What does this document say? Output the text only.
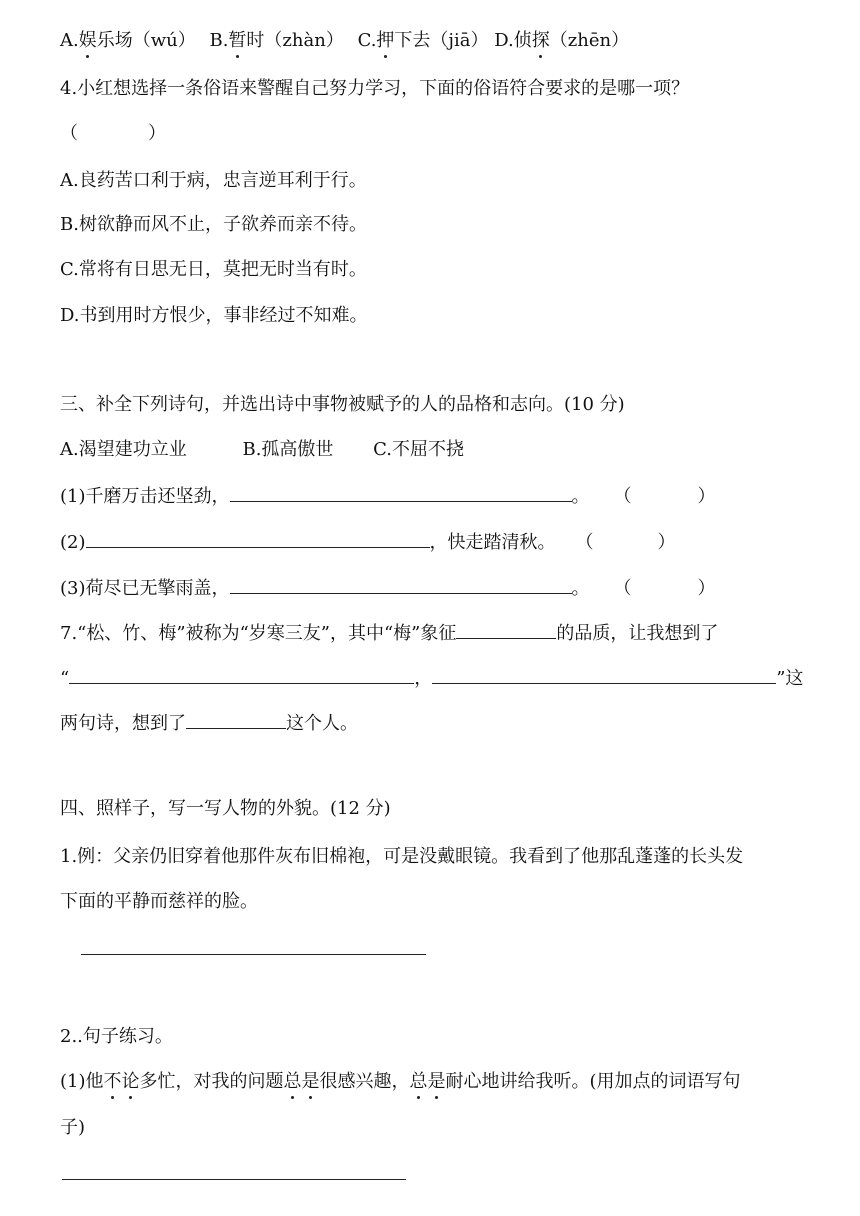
A.娱乐场（wú） B.暂时（zhàn） C.押下去（jiā） D.侦探（zhēn）
4.小红想选择一条俗语来警醒自己努力学习，下面的俗语符合要求的是哪一项？
（	）
A.良药苦口利于病，忠言逆耳利于行。
B.树欲静而风不止，子欲养而亲不待。
C.常将有日思无日，莫把无时当有时。
D.书到用时方恨少，事非经过不知难。
三、补全下列诗句，并选出诗中事物被赋予的人的品格和志向。(10 分)
A.渴望建功立业	B.孤高傲世 C.不屈不挠
(1)千磨万击还坚劲，	。 （	）
(2)	，快走踏清秋。 （	）
(3)荷尽已无擎雨盖，	。 （	）
7.“松、竹、梅”被称为“岁寒三友”，其中“梅”象征	的品质，让我想到了
“	，	”这
两句诗，想到了	这个人。
四、照样子，写一写人物的外貌。(12 分)
1.例：父亲仍旧穿着他那件灰布旧棉袍，可是没戴眼镜。我看到了他那乱蓬蓬的长头发
下面的平静而慈祥的脸。
2..句子练习。
(1)他不论多忙，对我的问题总是很感兴趣，总是耐心地讲给我听。(用加点的词语写句
子)
